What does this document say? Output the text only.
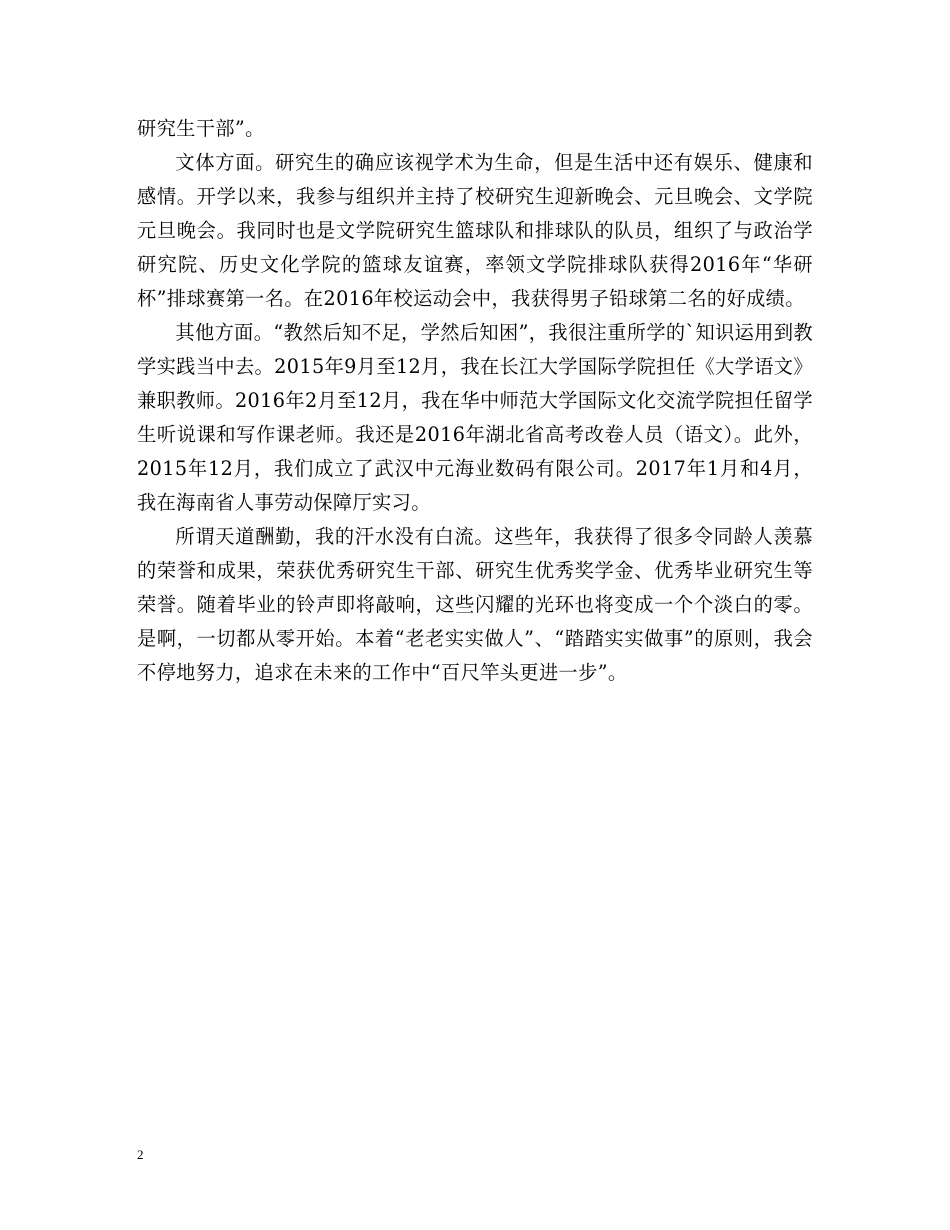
研究生干部”。

文体方面。研究生的确应该视学术为生命，但是生活中还有娱乐、健康和感情。开学以来，我参与组织并主持了校研究生迎新晚会、元旦晚会、文学院元旦晚会。我同时也是文学院研究生篮球队和排球队的队员，组织了与政治学研究院、历史文化学院的篮球友谊赛，率领文学院排球队获得2016年“华研杯”排球赛第一名。在2016年校运动会中，我获得男子铅球第二名的好成绩。

其他方面。“教然后知不足，学然后知困”，我很注重所学的`知识运用到教学实践当中去。2015年9月至12月，我在长江大学国际学院担任《大学语文》兼职教师。2016年2月至12月，我在华中师范大学国际文化交流学院担任留学生听说课和写作课老师。我还是2016年湖北省高考改卷人员（语文）。此外，2015年12月，我们成立了武汉中元海业数码有限公司。2017年1月和4月，我在海南省人事劳动保障厅实习。

所谓天道酬勤，我的汗水没有白流。这些年，我获得了很多令同龄人羡慕的荣誉和成果，荣获优秀研究生干部、研究生优秀奖学金、优秀毕业研究生等荣誉。随着毕业的铃声即将敲响，这些闪耀的光环也将变成一个个淡白的零。是啊，一切都从零开始。本着“老老实实做人”、“踏踏实实做事”的原则，我会不停地努力，追求在未来的工作中“百尺竿头更进一步”。

2
